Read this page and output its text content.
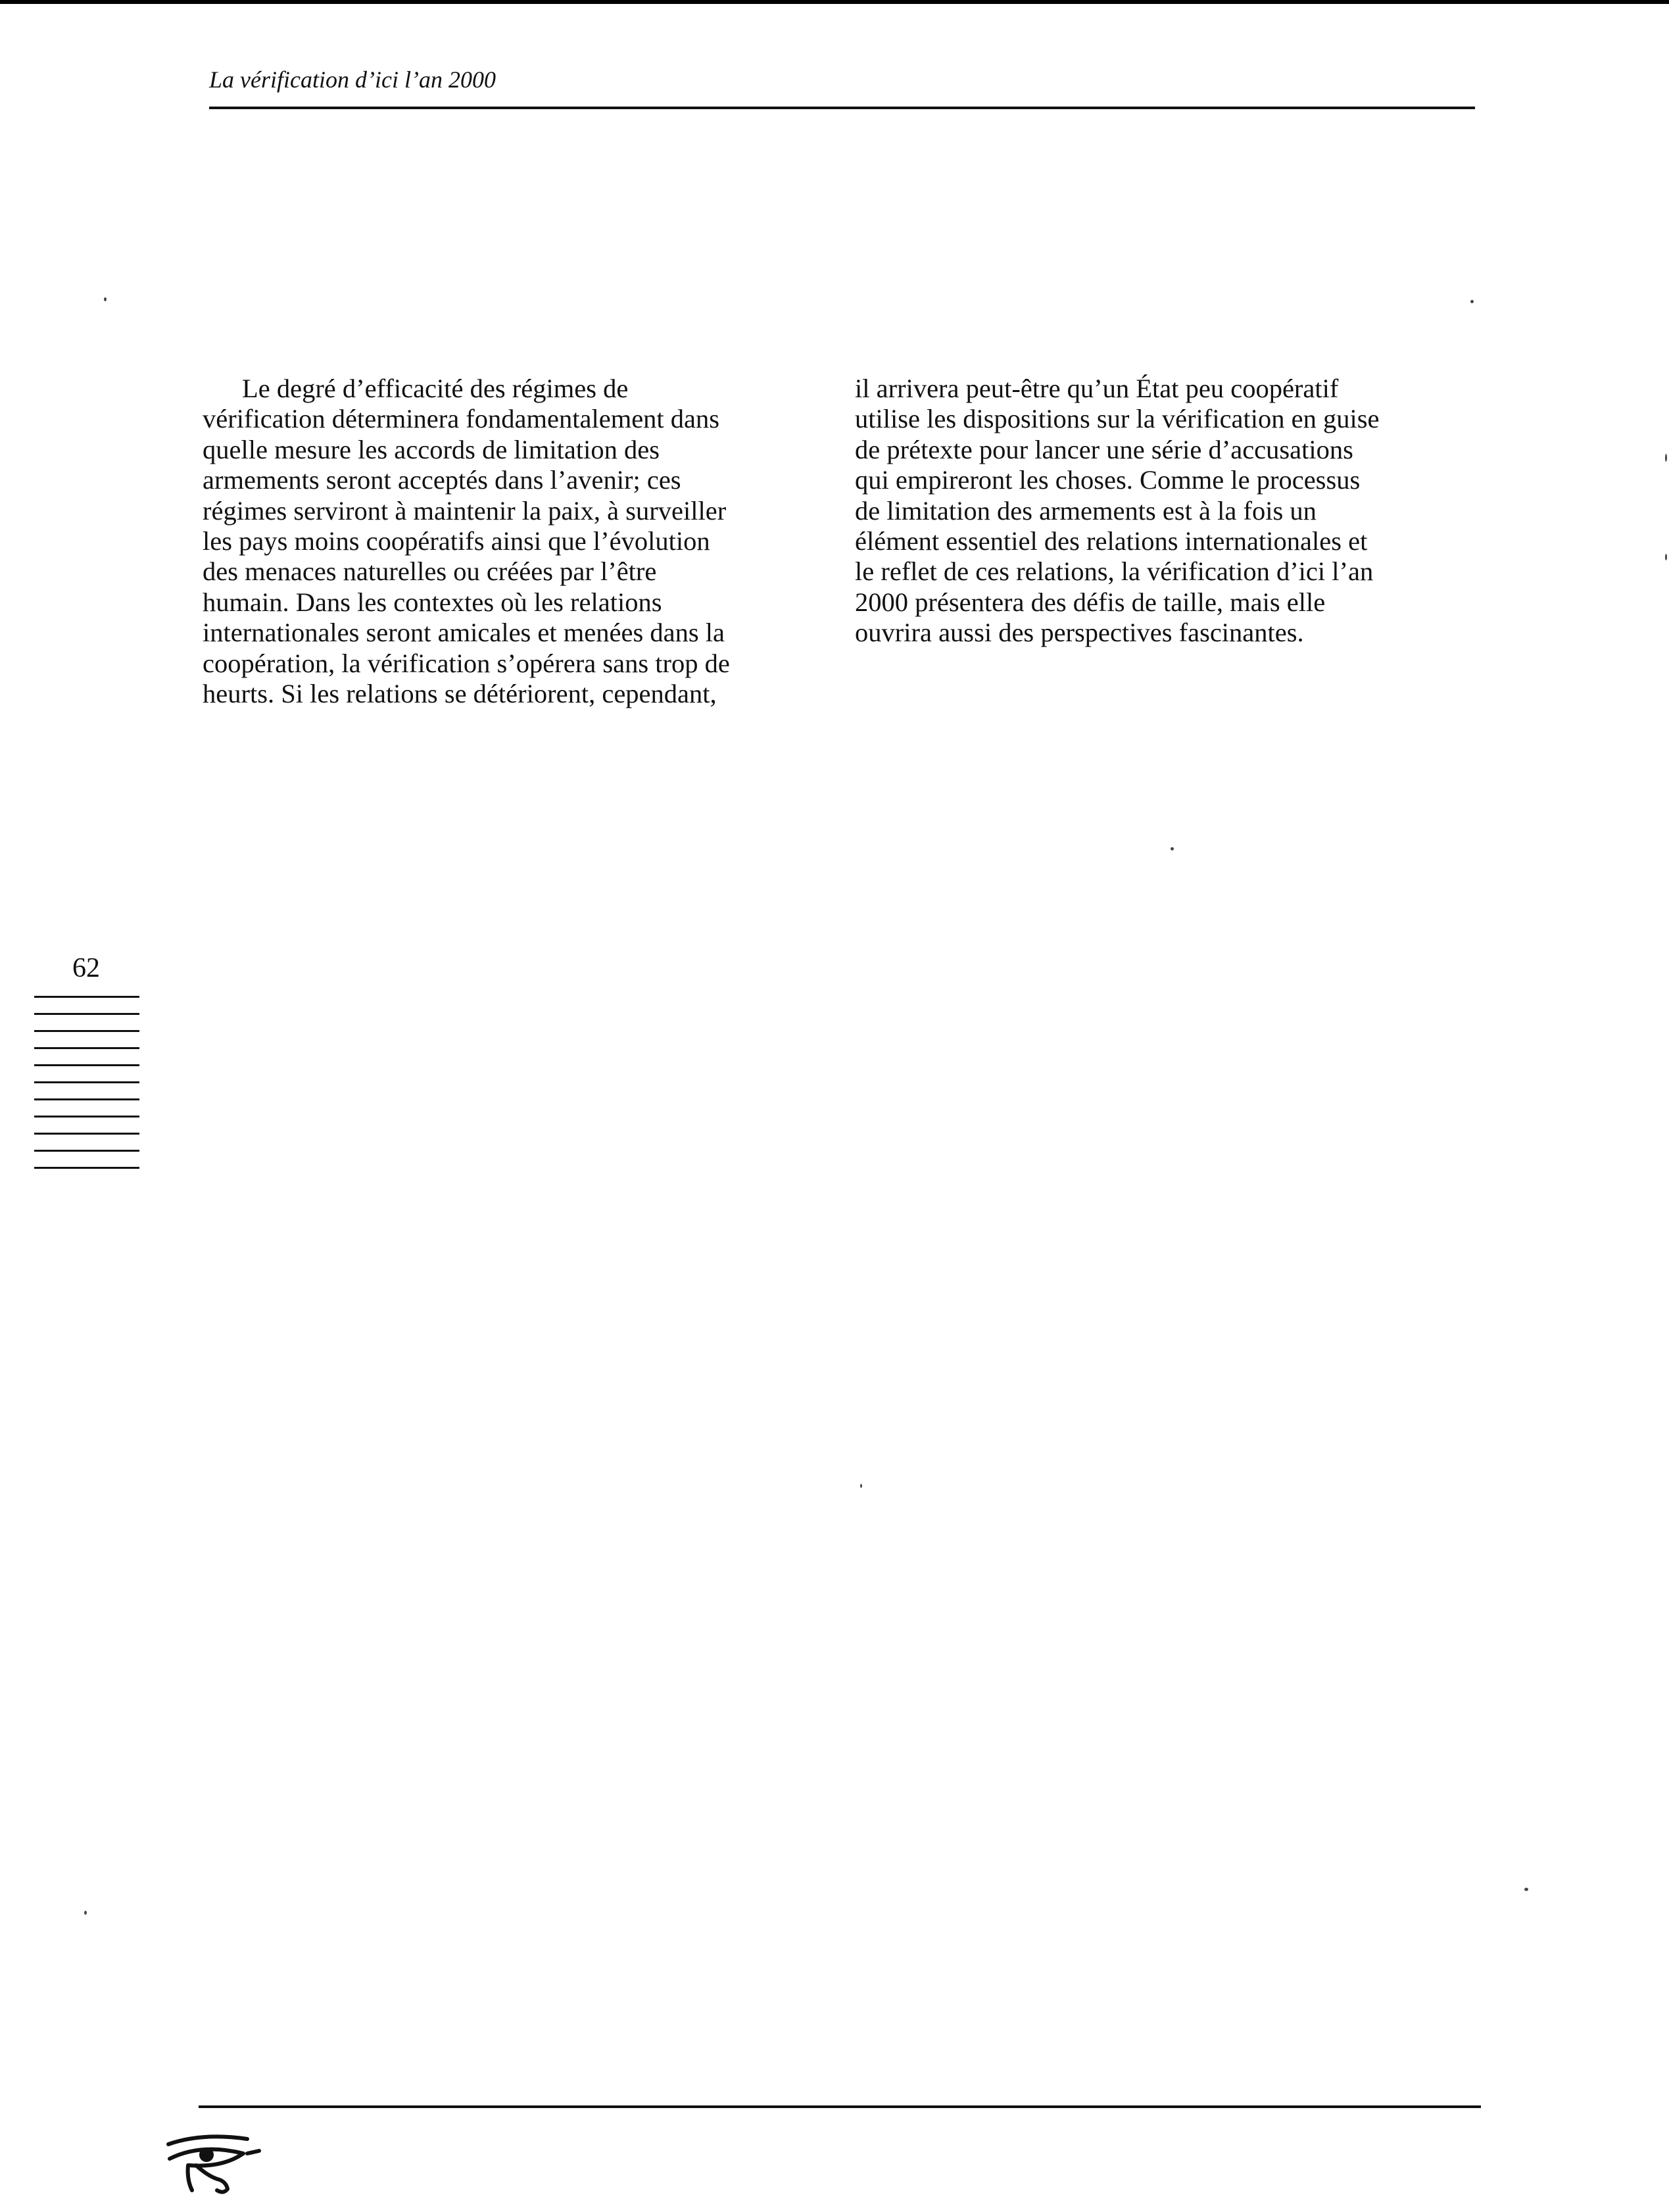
La vérification d’ici l’an 2000

Le degré d’efficacité des régimes de
vérification déterminera fondamentalement dans
quelle mesure les accords de limitation des
armements seront acceptés dans l’avenir; ces
régimes serviront à maintenir la paix, à surveiller
les pays moins coopératifs ainsi que l’évolution
des menaces naturelles ou créées par l’être
humain. Dans les contextes où les relations
internationales seront amicales et menées dans la
coopération, la vérification s’opérera sans trop de
heurts. Si les relations se détériorent, cependant,

il arrivera peut-être qu’un État peu coopératif
utilise les dispositions sur la vérification en guise
de prétexte pour lancer une série d’accusations
qui empireront les choses. Comme le processus
de limitation des armements est à la fois un
élément essentiel des relations internationales et
le reflet de ces relations, la vérification d’ici l’an
2000 présentera des défis de taille, mais elle
ouvrira aussi des perspectives fascinantes.

62
